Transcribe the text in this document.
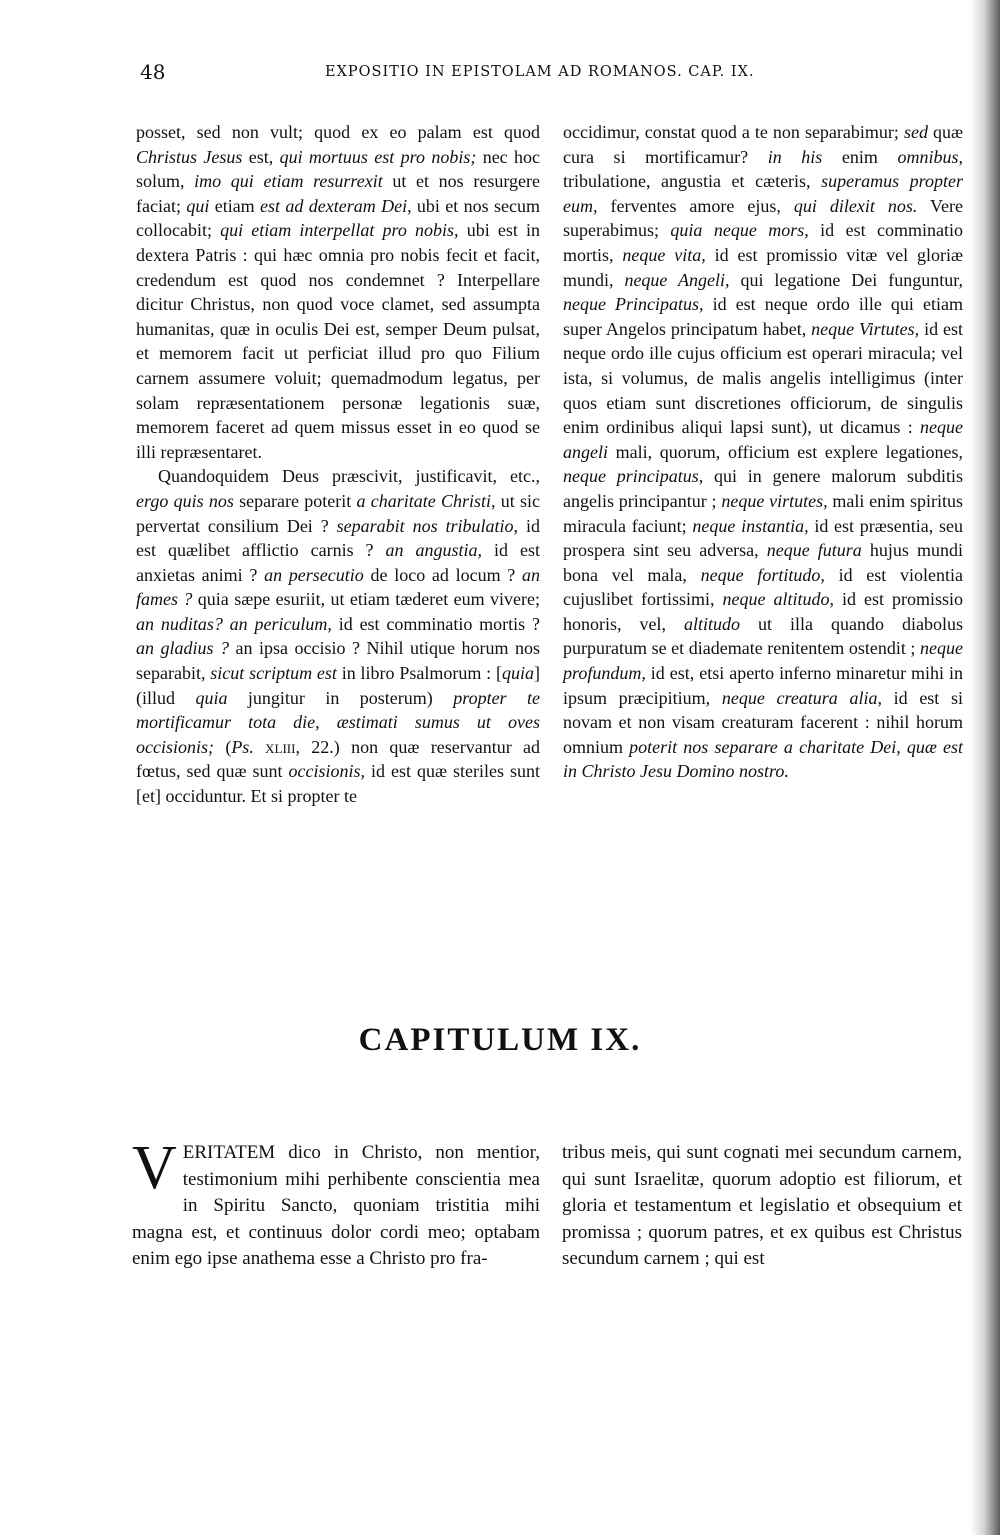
48	EXPOSITIO IN EPISTOLAM AD ROMANOS. CAP. IX.

posset, sed non vult; quod ex eo palam est quod Christus Jesus est, qui mortuus est pro nobis; nec hoc solum, imo qui etiam resurrexit ut et nos resurgere faciat; qui etiam est ad dexteram Dei, ubi et nos secum collocabit; qui etiam interpellat pro nobis, ubi est in dextera Patris : qui hæc omnia pro nobis fecit et facit, credendum est quod nos condemnet ? Interpellare dicitur Christus, non quod voce clamet, sed assumpta humanitas, quæ in oculis Dei est, semper Deum pulsat, et memorem facit ut perficiat illud pro quo Filium carnem assumere voluit; quemadmodum legatus, per solam repræsentationem personæ legationis suæ, memorem faceret ad quem missus esset in eo quod se illi repræsentaret.

Quandoquidem Deus præscivit, justificavit, etc., ergo quis nos separare poterit a charitate Christi, ut sic pervertat consilium Dei ? separabit nos tribulatio, id est quælibet afflictio carnis ? an angustia, id est anxietas animi ? an persecutio de loco ad locum ? an fames ? quia sæpe esuriit, ut etiam tæderet eum vivere; an nuditas? an periculum, id est comminatio mortis ? an gladius ? an ipsa occisio ? Nihil utique horum nos separabit, sicut scriptum est in libro Psalmorum : [quia] (illud quia jungitur in posterum) propter te mortificamur tota die, æstimati sumus ut oves occisionis; (Ps. xliii, 22.) non quæ reservantur ad fœtus, sed quæ sunt occisionis, id est quæ steriles sunt [et] occiduntur. Et si propter te

occidimur, constat quod a te non separabimur; sed quæ cura si mortificamur? in his enim omnibus, tribulatione, angustia et cæteris, superamus propter eum, ferventes amore ejus, qui dilexit nos. Vere superabimus; quia neque mors, id est comminatio mortis, neque vita, id est promissio vitæ vel gloriæ mundi, neque Angeli, qui legatione Dei funguntur, neque Principatus, id est neque ordo ille qui etiam super Angelos principatum habet, neque Virtutes, id est neque ordo ille cujus officium est operari miracula; vel ista, si volumus, de malis angelis intelligimus (inter quos etiam sunt discretiones officiorum, de singulis enim ordinibus aliqui lapsi sunt), ut dicamus : neque angeli mali, quorum, officium est explere legationes, neque principatus, qui in genere malorum subditis angelis principantur ; neque virtutes, mali enim spiritus miracula faciunt; neque instantia, id est præsentia, seu prospera sint seu adversa, neque futura hujus mundi bona vel mala, neque fortitudo, id est violentia cujuslibet fortissimi, neque altitudo, id est promissio honoris, vel, altitudo ut illa quando diabolus purpuratum se et diademate renitentem ostendit ; neque profundum, id est, etsi aperto inferno minaretur mihi in ipsum præcipitium, neque creatura alia, id est si novam et non visam creaturam facerent : nihil horum omnium poterit nos separare a charitate Dei, quæ est in Christo Jesu Domino nostro.

CAPITULUM IX.
V ERITATEM dico in Christo, non mentior, testimonium mihi perhibente conscientia mea in Spiritu Sancto, quoniam tristitia mihi magna est, et continuus dolor cordi meo; optabam enim ego ipse anathema esse a Christo pro fra-

tribus meis, qui sunt cognati mei secundum carnem, qui sunt Israelitæ, quorum adoptio est filiorum, et gloria et testamentum et legislatio et obsequium et promissa ; quorum patres, et ex quibus est Christus secundum carnem ; qui est
